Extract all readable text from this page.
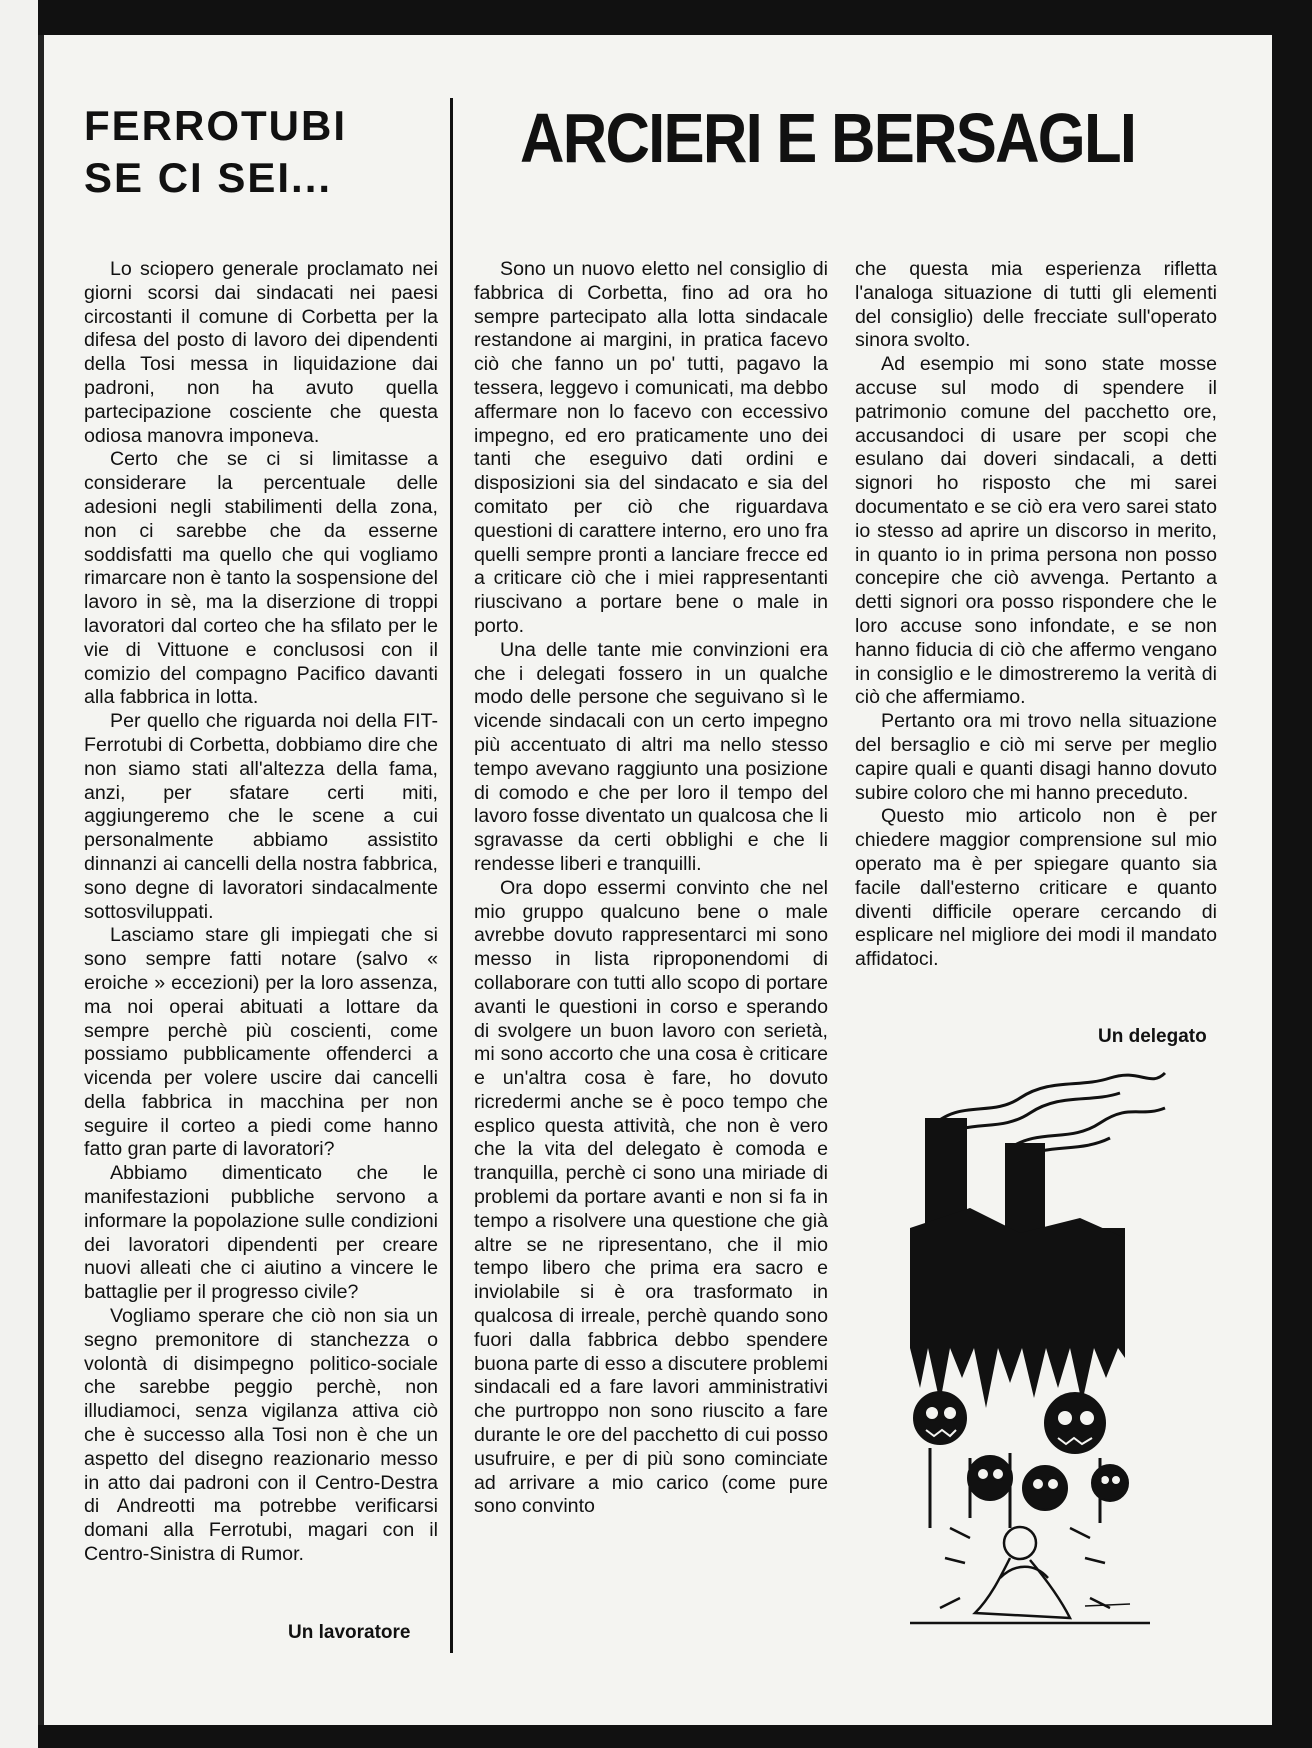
FERROTUBI
SE CI SEI...

Lo sciopero generale proclamato nei giorni scorsi dai sindacati nei paesi circostanti il comune di Corbetta per la difesa del posto di lavoro dei dipendenti della Tosi messa in liquidazione dai padroni, non ha avuto quella partecipazione cosciente che questa odiosa manovra imponeva.

Certo che se ci si limitasse a considerare la percentuale delle adesioni negli stabilimenti della zona, non ci sarebbe che da esserne soddisfatti ma quello che qui vogliamo rimarcare non è tanto la sospensione del lavoro in sè, ma la diserzione di troppi lavoratori dal corteo che ha sfilato per le vie di Vittuone e conclusosi con il comizio del compagno Pacifico davanti alla fabbrica in lotta.

Per quello che riguarda noi della FIT-Ferrotubi di Corbetta, dobbiamo dire che non siamo stati all'altezza della fama, anzi, per sfatare certi miti, aggiungeremo che le scene a cui personalmente abbiamo assistito dinnanzi ai cancelli della nostra fabbrica, sono degne di lavoratori sindacalmente sottosviluppati.

Lasciamo stare gli impiegati che si sono sempre fatti notare (salvo « eroiche » eccezioni) per la loro assenza, ma noi operai abituati a lottare da sempre perchè più coscienti, come possiamo pubblicamente offenderci a vicenda per volere uscire dai cancelli della fabbrica in macchina per non seguire il corteo a piedi come hanno fatto gran parte di lavoratori?

Abbiamo dimenticato che le manifestazioni pubbliche servono a informare la popolazione sulle condizioni dei lavoratori dipendenti per creare nuovi alleati che ci aiutino a vincere le battaglie per il progresso civile?

Vogliamo sperare che ciò non sia un segno premonitore di stanchezza o volontà di disimpegno politico-sociale che sarebbe peggio perchè, non illudiamoci, senza vigilanza attiva ciò che è successo alla Tosi non è che un aspetto del disegno reazionario messo in atto dai padroni con il Centro-Destra di Andreotti ma potrebbe verificarsi domani alla Ferrotubi, magari con il Centro-Sinistra di Rumor.

Un lavoratore
ARCIERI E BERSAGLI

Sono un nuovo eletto nel consiglio di fabbrica di Corbetta, fino ad ora ho sempre partecipato alla lotta sindacale restandone ai margini, in pratica facevo ciò che fanno un po' tutti, pagavo la tessera, leggevo i comunicati, ma debbo affermare non lo facevo con eccessivo impegno, ed ero praticamente uno dei tanti che eseguivo dati ordini e disposizioni sia del sindacato e sia del comitato per ciò che riguardava questioni di carattere interno, ero uno fra quelli sempre pronti a lanciare frecce ed a criticare ciò che i miei rappresentanti riuscivano a portare bene o male in porto.

Una delle tante mie convinzioni era che i delegati fossero in un qualche modo delle persone che seguivano sì le vicende sindacali con un certo impegno più accentuato di altri ma nello stesso tempo avevano raggiunto una posizione di comodo e che per loro il tempo del lavoro fosse diventato un qualcosa che li sgravasse da certi obblighi e che li rendesse liberi e tranquilli.

Ora dopo essermi convinto che nel mio gruppo qualcuno bene o male avrebbe dovuto rappresentarci mi sono messo in lista riproponendomi di collaborare con tutti allo scopo di portare avanti le questioni in corso e sperando di svolgere un buon lavoro con serietà, mi sono accorto che una cosa è criticare e un'altra cosa è fare, ho dovuto ricredermi anche se è poco tempo che esplico questa attività, che non è vero che la vita del delegato è comoda e tranquilla, perchè ci sono una miriade di problemi da portare avanti e non si fa in tempo a risolvere una questione che già altre se ne ripresentano, che il mio tempo libero che prima era sacro e inviolabile si è ora trasformato in qualcosa di irreale, perchè quando sono fuori dalla fabbrica debbo spendere buona parte di esso a discutere problemi sindacali ed a fare lavori amministrativi che purtroppo non sono riuscito a fare durante le ore del pacchetto di cui posso usufruire, e per di più sono cominciate ad arrivare a mio carico (come pure sono convinto

che questa mia esperienza rifletta l'analoga situazione di tutti gli elementi del consiglio) delle frecciate sull'operato sinora svolto.

Ad esempio mi sono state mosse accuse sul modo di spendere il patrimonio comune del pacchetto ore, accusandoci di usare per scopi che esulano dai doveri sindacali, a detti signori ho risposto che mi sarei documentato e se ciò era vero sarei stato io stesso ad aprire un discorso in merito, in quanto io in prima persona non posso concepire che ciò avvenga. Pertanto a detti signori ora posso rispondere che le loro accuse sono infondate, e se non hanno fiducia di ciò che affermo vengano in consiglio e le dimostreremo la verità di ciò che affermiamo.

Pertanto ora mi trovo nella situazione del bersaglio e ciò mi serve per meglio capire quali e quanti disagi hanno dovuto subire coloro che mi hanno preceduto.

Questo mio articolo non è per chiedere maggior comprensione sul mio operato ma è per spiegare quanto sia facile dall'esterno criticare e quanto diventi difficile operare cercando di esplicare nel migliore dei modi il mandato affidatoci.

Un delegato
